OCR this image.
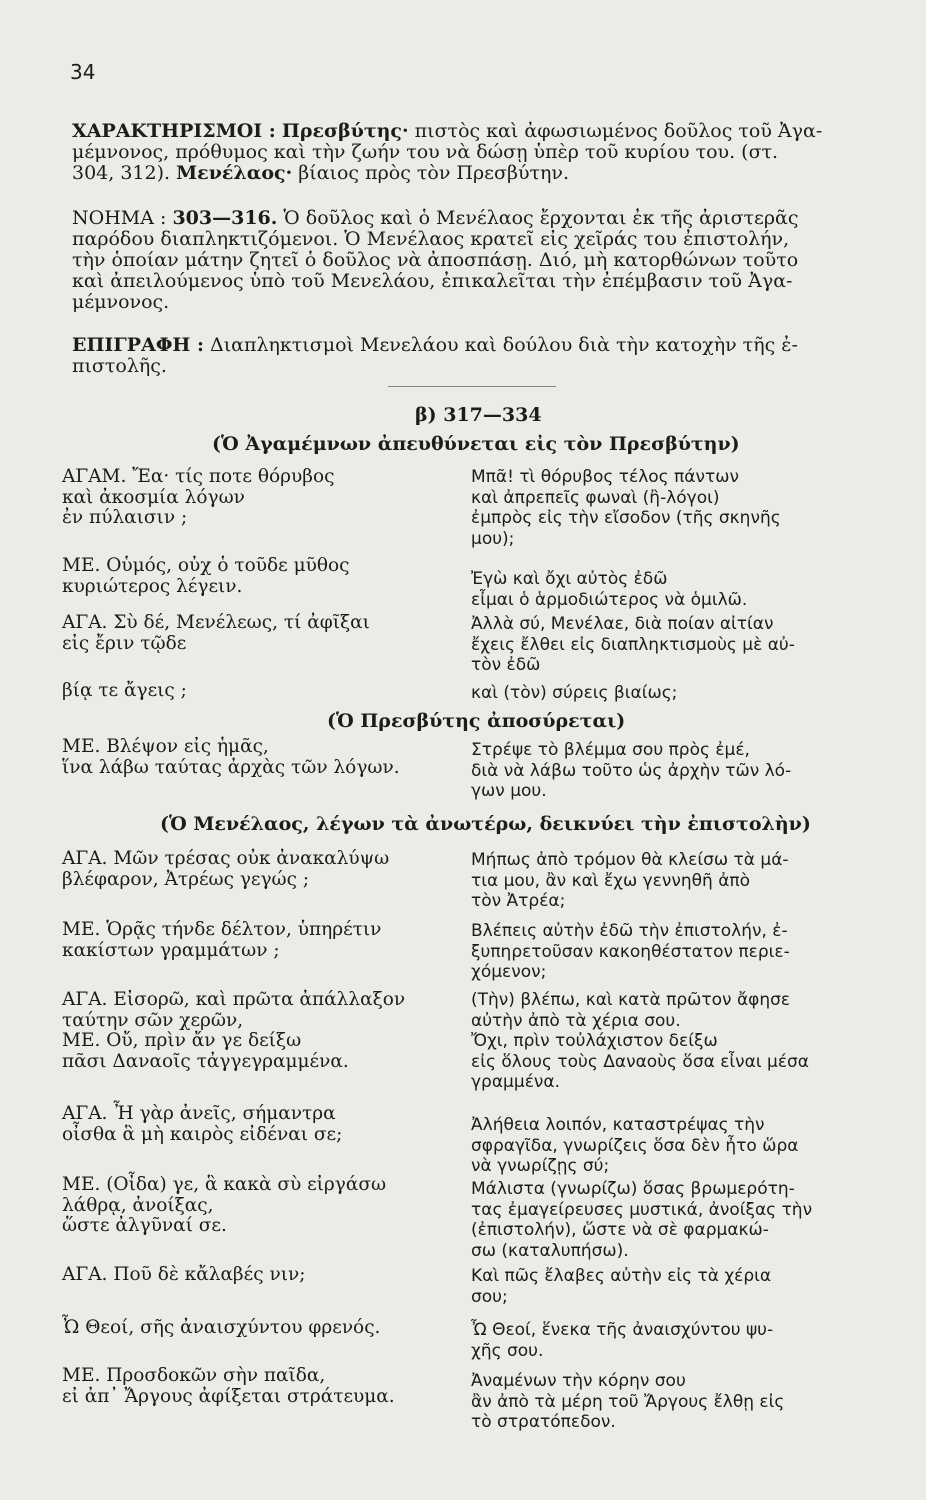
34
ΧΑΡΑΚΤΗΡΙΣΜΟΙ : Πρεσβύτης· πιστὸς καὶ ἀφωσιωμένος δοῦλος τοῦ Ἀγα-
μέμνονος, πρόθυμος καὶ τὴν ζωήν του νὰ δώσῃ ὑπὲρ τοῦ κυρίου του. (στ.
304, 312). Μενέλαος· βίαιος πρὸς τὸν Πρεσβύτην.
ΝΟΗΜΑ : 303—316. Ὁ δοῦλος καὶ ὁ Μενέλαος ἔρχονται ἐκ τῆς ἀριστερᾶς
παρόδου διαπληκτιζόμενοι. Ὁ Μενέλαος κρατεῖ εἰς χεῖράς του ἐπιστολήν,
τὴν ὁποίαν μάτην ζητεῖ ὁ δοῦλος νὰ ἀποσπάσῃ. Διό, μὴ κατορθώνων τοῦτο
καὶ ἀπειλούμενος ὑπὸ τοῦ Μενελάου, ἐπικαλεῖται τὴν ἐπέμβασιν τοῦ Ἀγα-
μέμνονος.
ΕΠΙΓΡΑΦΗ : Διαπληκτισμοὶ Μενελάου καὶ δούλου διὰ τὴν κατοχὴν τῆς ἐ-
πιστολῆς.
β) 317—334
(Ὁ Ἀγαμέμνων ἀπευθύνεται εἰς τὸν Πρεσβύτην)
ΑΓΑΜ. Ἔα· τίς ποτε θόρυβος
καὶ ἀκοσμία λόγων
ἐν πύλαισιν ;
ΜΕ. Οὑμός, οὐχ ὁ τοῦδε μῦθος
κυριώτερος λέγειν.
ΑΓΑ. Σὺ δέ, Μενέλεως, τί ἀφῖξαι
εἰς ἔριν τῷδε
βίᾳ τε ἄγεις ;
(Ὁ Πρεσβύτης ἀποσύρεται)
ΜΕ. Βλέψον εἰς ἡμᾶς,
ἵνα λάβω ταύτας ἀρχὰς τῶν λόγων.
(Ὁ Μενέλαος, λέγων τὰ ἀνωτέρω, δεικνύει τὴν ἐπιστολὴν)
ΑΓΑ. Μῶν τρέσας οὐκ ἀνακαλύψω
βλέφαρον, Ἀτρέως γεγώς ;
ΜΕ. Ὁρᾷς τήνδε δέλτον, ὑπηρέτιν
κακίστων γραμμάτων ;
ΑΓΑ. Εἰσορῶ, καὶ πρῶτα ἀπάλλαξον
ταύτην σῶν χερῶν,
ΜΕ. Οὔ, πρὶν ἄν γε δείξω
πᾶσι Δαναοῖς τἀγγεγραμμένα.
ΑΓΑ. Ἦ γὰρ ἀνεῖς, σήμαντρα
οἶσθα ἃ μὴ καιρὸς εἰδέναι σε;
ΜΕ. (Οἶδα) γε, ἃ κακὰ σὺ εἰργάσω
λάθρᾳ, ἀνοίξας,
ὥστε ἀλγῦναί σε.
ΑΓΑ. Ποῦ δὲ κἄλαβές νιν;
Ὦ Θεοί, σῆς ἀναισχύντου φρενός.
ΜΕ. Προσδοκῶν σὴν παῖδα,
εἰ ἀπ᾿ Ἄργους ἀφίξεται στράτευμα.
Μπᾶ! τὶ θόρυβος τέλος πάντων
καὶ ἀπρεπεῖς φωναὶ (ἢ-λόγοι)
ἐμπρὸς εἰς τὴν εἴσοδον (τῆς σκηνῆς
μου);
Ἐγὼ καὶ ὄχι αὐτὸς ἐδῶ
εἶμαι ὁ ἁρμοδιώτερος νὰ ὁμιλῶ.
Ἀλλὰ σύ, Μενέλαε, διὰ ποίαν αἰτίαν
ἔχεις ἔλθει εἰς διαπληκτισμοὺς μὲ αὐ-
τὸν ἐδῶ
καὶ (τὸν) σύρεις βιαίως;
Στρέψε τὸ βλέμμα σου πρὸς ἐμέ,
διὰ νὰ λάβω τοῦτο ὡς ἀρχὴν τῶν λό-
γων μου.
Μήπως ἀπὸ τρόμον θὰ κλείσω τὰ μά-
τια μου, ἂν καὶ ἔχω γεννηθῆ ἀπὸ
τὸν Ἀτρέα;
Βλέπεις αὐτὴν ἐδῶ τὴν ἐπιστολήν, ἐ-
ξυπηρετοῦσαν κακοηθέστατον περιε-
χόμενον;
(Τὴν) βλέπω, καὶ κατὰ πρῶτον ἄφησε
αὐτὴν ἀπὸ τὰ χέρια σου.
Ὄχι, πρὶν τοὐλάχιστον δείξω
εἰς ὅλους τοὺς Δαναοὺς ὅσα εἶναι μέσα
γραμμένα.
Ἀλήθεια λοιπόν, καταστρέψας τὴν
σφραγῖδα, γνωρίζεις ὅσα δὲν ἦτο ὥρα
νὰ γνωρίζῃς σύ;
Μάλιστα (γνωρίζω) ὅσας βρωμερότη-
τας ἐμαγείρευσες μυστικά, ἀνοίξας τὴν
(ἐπιστολήν), ὥστε νὰ σὲ φαρμακώ-
σω (καταλυπήσω).
Καὶ πῶς ἔλαβες αὐτὴν εἰς τὰ χέρια
σου;
Ὦ Θεοί, ἕνεκα τῆς ἀναισχύντου ψυ-
χῆς σου.
Ἀναμένων τὴν κόρην σου
ἂν ἀπὸ τὰ μέρη τοῦ Ἄργους ἔλθῃ εἰς
τὸ στρατόπεδον.
